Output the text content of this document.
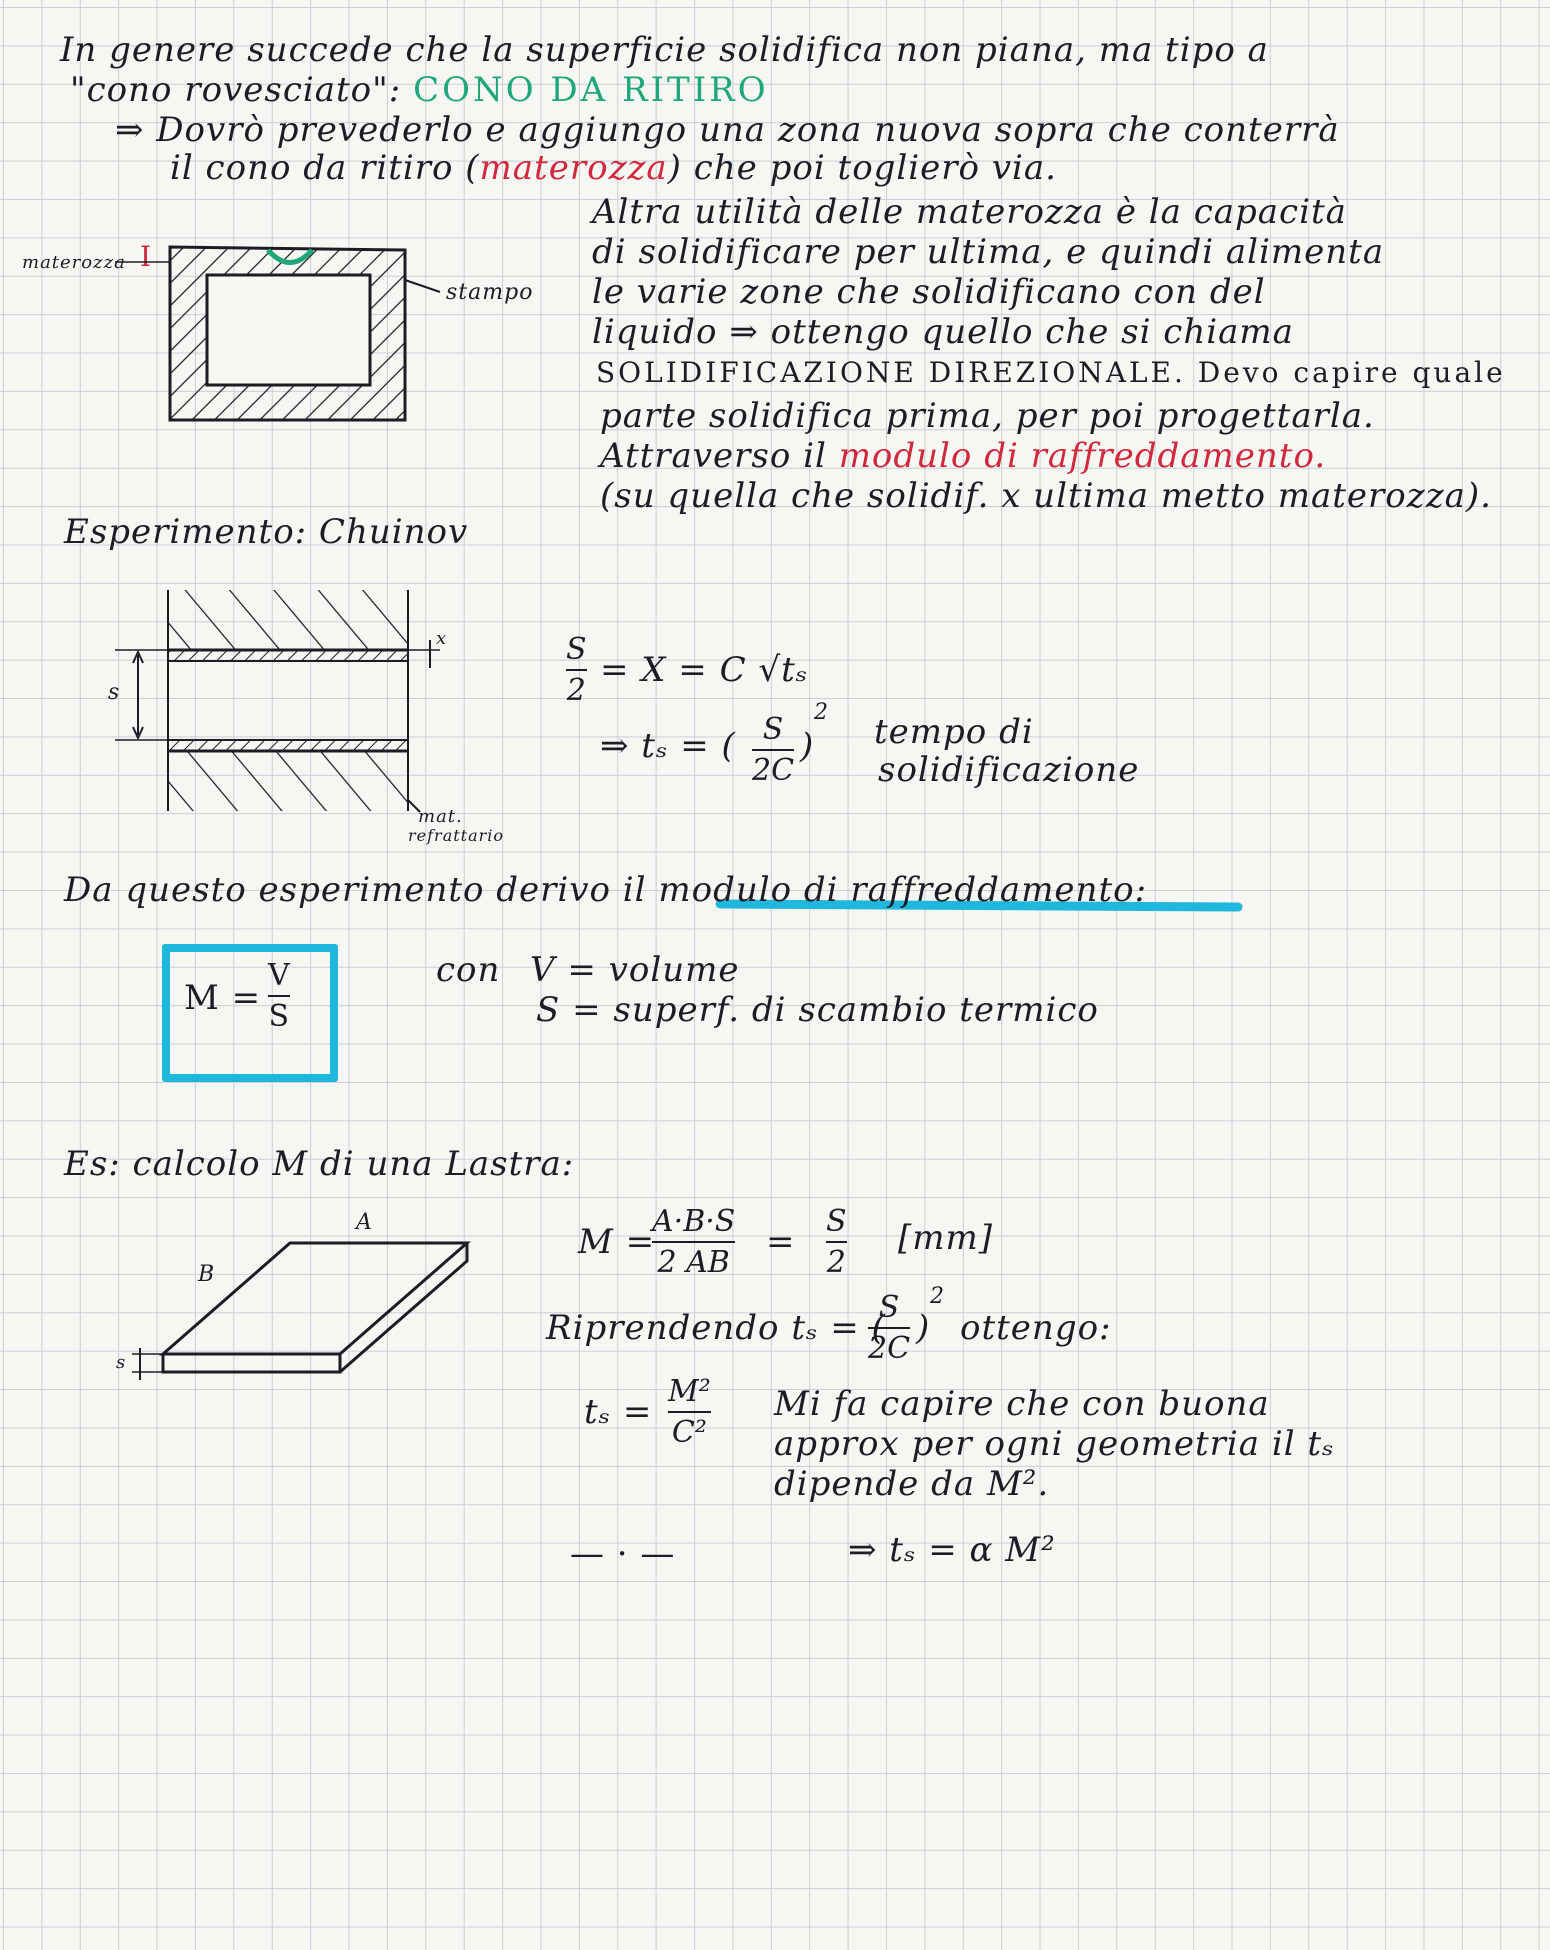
In genere succede che la superficie solidifica non piana, ma tipo a
"cono rovesciato": CONO DA RITIRO
⇒ Dovrò prevederlo e aggiungo una zona nuova sopra che conterrà
il cono da ritiro (materozza) che poi toglierò via.
Altra utilità delle materozza è la capacità
di solidificare per ultima, e quindi alimenta
le varie zone che solidificano con del
liquido ⇒ ottengo quello che si chiama
SOLIDIFICAZIONE DIREZIONALE. Devo capire quale
parte solidifica prima, per poi progettarla.
Attraverso il modulo di raffreddamento.
(su quella che solidif. x ultima metto materozza).
materozza I
stampo
Esperimento: Chuinov
s
x
mat.
refrattario
S
2
= X = C √tₛ
⇒ tₛ = ( S
2C
)
2 tempo di
solidificazione
Da questo esperimento derivo il modulo di raffreddamento:
M =
V
S
con V = volume
S = superf. di scambio termico
Es: calcolo M di una Lastra:
A
B
s
M =
A·B·S
2 AB
=
S
2
[mm]
Riprendendo tₛ = (
S
2C
)
2
ottengo:
tₛ =
M²
C²
Mi fa capire che con buona
approx per ogni geometria il tₛ
dipende da M².
— · —	⇒ tₛ = α M²
